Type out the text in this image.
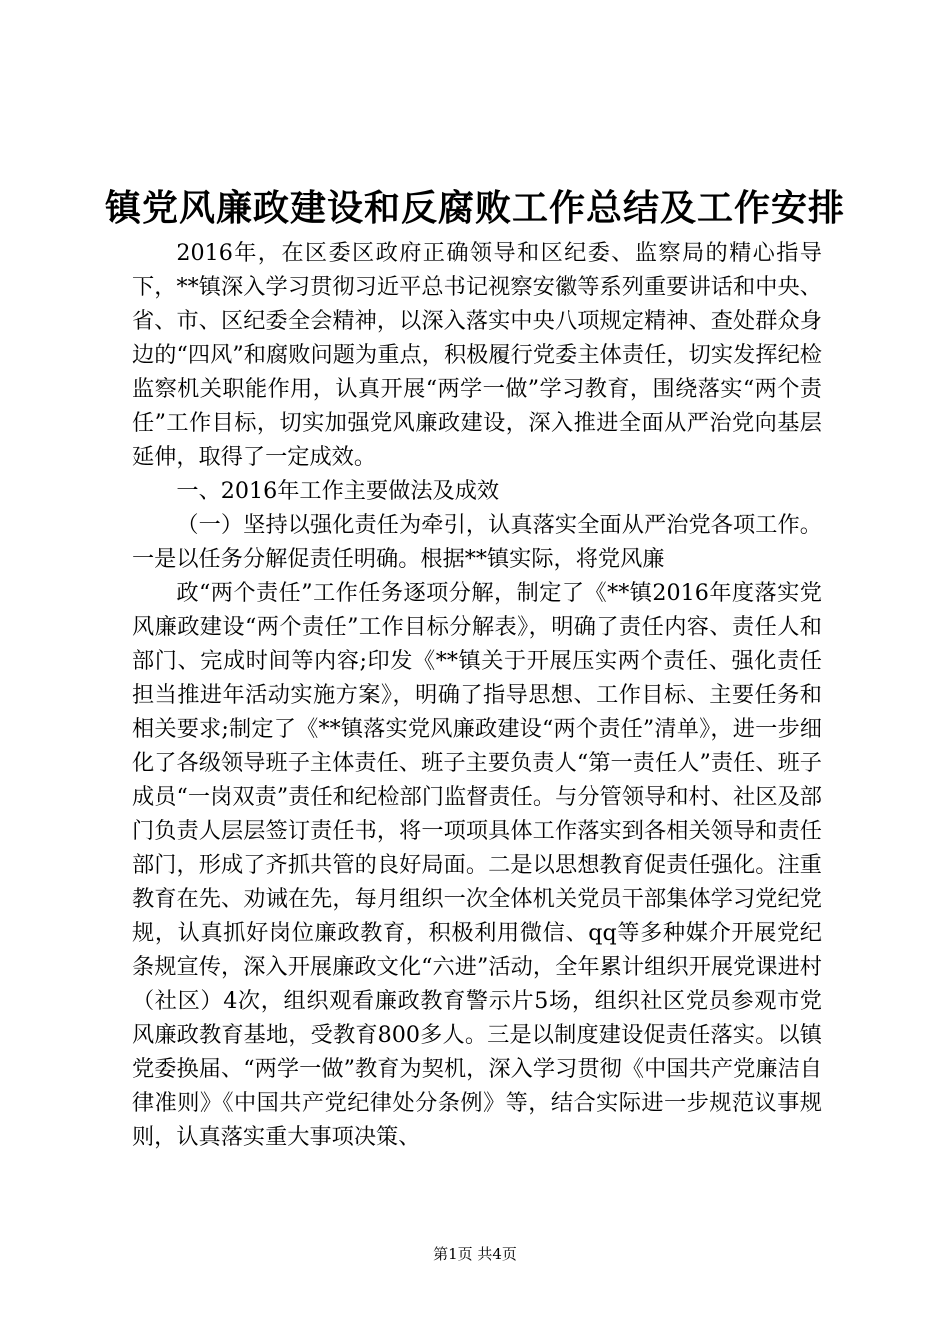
镇党风廉政建设和反腐败工作总结及工作安排

2016年，在区委区政府正确领导和区纪委、监察局的精心指导下，**镇深入学习贯彻习近平总书记视察安徽等系列重要讲话和中央、省、市、区纪委全会精神，以深入落实中央八项规定精神、查处群众身边的“四风”和腐败问题为重点，积极履行党委主体责任，切实发挥纪检监察机关职能作用，认真开展“两学一做”学习教育，围绕落实“两个责任”工作目标，切实加强党风廉政建设，深入推进全面从严治党向基层延伸，取得了一定成效。

一、2016年工作主要做法及成效

（一）坚持以强化责任为牵引，认真落实全面从严治党各项工作。一是以任务分解促责任明确。根据**镇实际，将党风廉

政“两个责任”工作任务逐项分解，制定了《**镇2016年度落实党风廉政建设“两个责任”工作目标分解表》，明确了责任内容、责任人和部门、完成时间等内容;印发《**镇关于开展压实两个责任、强化责任担当推进年活动实施方案》，明确了指导思想、工作目标、主要任务和相关要求;制定了《**镇落实党风廉政建设“两个责任”清单》，进一步细化了各级领导班子主体责任、班子主要负责人“第一责任人”责任、班子成员“一岗双责”责任和纪检部门监督责任。与分管领导和村、社区及部门负责人层层签订责任书，将一项项具体工作落实到各相关领导和责任部门，形成了齐抓共管的良好局面。二是以思想教育促责任强化。注重教育在先、劝诫在先，每月组织一次全体机关党员干部集体学习党纪党规，认真抓好岗位廉政教育，积极利用微信、qq等多种媒介开展党纪条规宣传，深入开展廉政文化“六进”活动，全年累计组织开展党课进村（社区）4次，组织观看廉政教育警示片5场，组织社区党员参观市党风廉政教育基地，受教育800多人。三是以制度建设促责任落实。以镇党委换届、“两学一做”教育为契机，深入学习贯彻《中国共产党廉洁自律准则》《中国共产党纪律处分条例》等，结合实际进一步规范议事规则，认真落实重大事项决策、

第1页 共4页
